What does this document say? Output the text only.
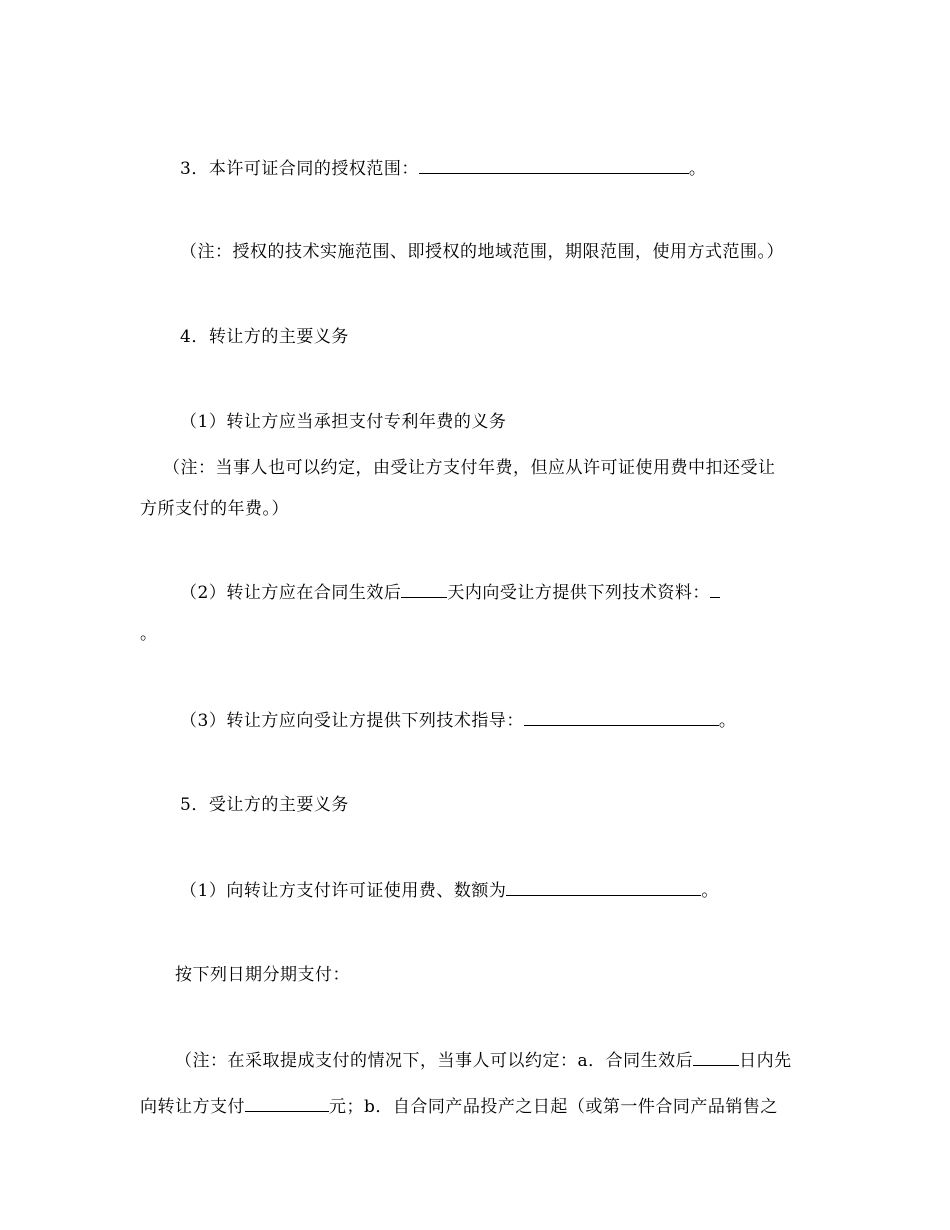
3．本许可证合同的授权范围：	。
（注：授权的技术实施范围、即授权的地域范围，期限范围，使用方式范围。）
4．转让方的主要义务
（1）转让方应当承担支付专利年费的义务
（注：当事人也可以约定，由受让方支付年费，但应从许可证使用费中扣还受让
方所支付的年费。）
（2）转让方应在合同生效后	天内向受让方提供下列技术资料：
。
（3）转让方应向受让方提供下列技术指导：	。
5．受让方的主要义务
（1）向转让方支付许可证使用费、数额为	。
按下列日期分期支付：
（注：在采取提成支付的情况下，当事人可以约定：a．合同生效后	日内先
向转让方支付	元；b．自合同产品投产之日起（或第一件合同产品销售之
